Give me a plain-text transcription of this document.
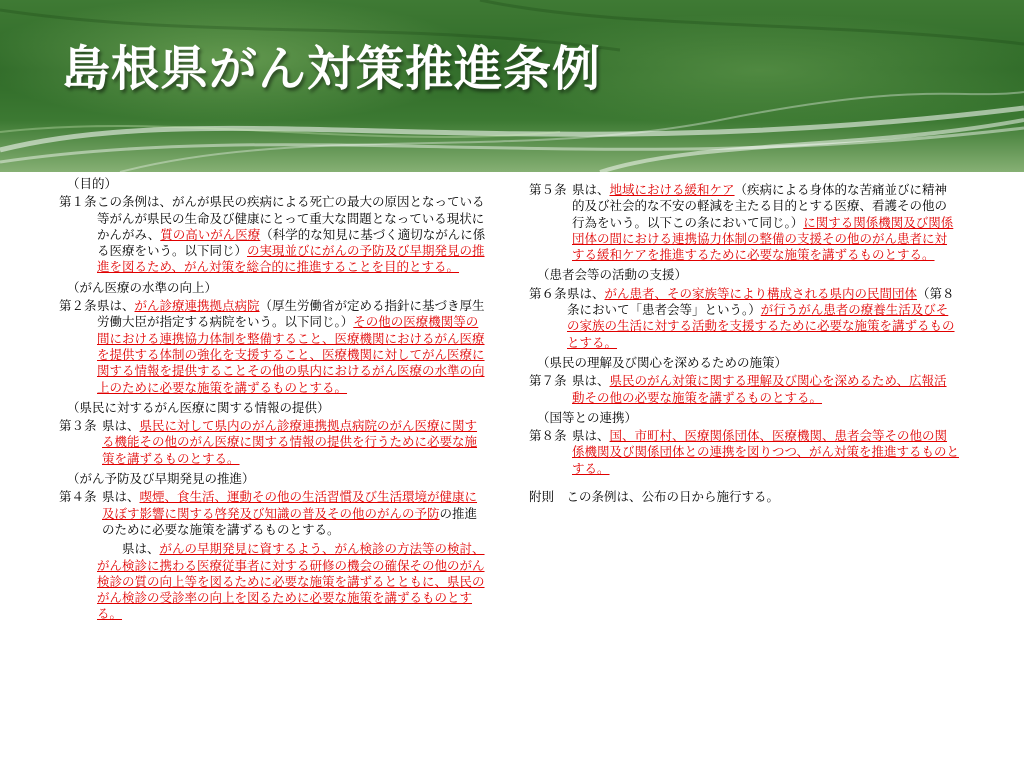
島根県がん対策推進条例
（目的）
第１条 この条例は、がんが県民の疾病による死亡の最大の原因となっている等がんが県民の生命及び健康にとって重大な問題となっている現状にかんがみ、質の高いがん医療（科学的な知見に基づく適切ながんに係る医療をいう。以下同じ）の実現並びにがんの予防及び早期発見の推進を図るため、がん対策を総合的に推進することを目的とする。
（がん医療の水準の向上）
第２条 県は、がん診療連携拠点病院（厚生労働省が定める指針に基づき厚生労働大臣が指定する病院をいう。以下同じ。）その他の医療機関等の間における連携協力体制を整備すること、医療機関におけるがん医療を提供する体制の強化を支援すること、医療機関に対してがん医療に関する情報を提供することその他の県内におけるがん医療の水準の向上のために必要な施策を講ずるものとする。
（県民に対するがん医療に関する情報の提供）
第３条 県は、県民に対して県内のがん診療連携拠点病院のがん医療に関する機能その他のがん医療に関する情報の提供を行うために必要な施策を講ずるものとする。
（がん予防及び早期発見の推進）
第４条 県は、喫煙、食生活、運動その他の生活習慣及び生活環境が健康に及ぼす影響に関する啓発及び知識の普及その他のがんの予防の推進のために必要な施策を講ずるものとする。
県は、がんの早期発見に資するよう、がん検診の方法等の検討、がん検診に携わる医療従事者に対する研修の機会の確保その他のがん検診の質の向上等を図るために必要な施策を講ずるとともに、県民のがん検診の受診率の向上を図るために必要な施策を講ずるものとする。
第５条 県は、地域における緩和ケア（疾病による身体的な苦痛並びに精神的及び社会的な不安の軽減を主たる目的とする医療、看護その他の行為をいう。以下この条において同じ。）に関する関係機関及び関係団体の間における連携協力体制の整備の支援その他のがん患者に対する緩和ケアを推進するために必要な施策を講ずるものとする。
（患者会等の活動の支援）
第６条 県は、がん患者、その家族等により構成される県内の民間団体（第８条において「患者会等」という。）が行うがん患者の療養生活及びその家族の生活に対する活動を支援するために必要な施策を講ずるものとする。
（県民の理解及び関心を深めるための施策）
第７条 県は、県民のがん対策に関する理解及び関心を深めるため、広報活動その他の必要な施策を講ずるものとする。
（国等との連携）
第８条 県は、国、市町村、医療関係団体、医療機関、患者会等その他の関係機関及び関係団体との連携を図りつつ、がん対策を推進するものとする。
附則　この条例は、公布の日から施行する。
